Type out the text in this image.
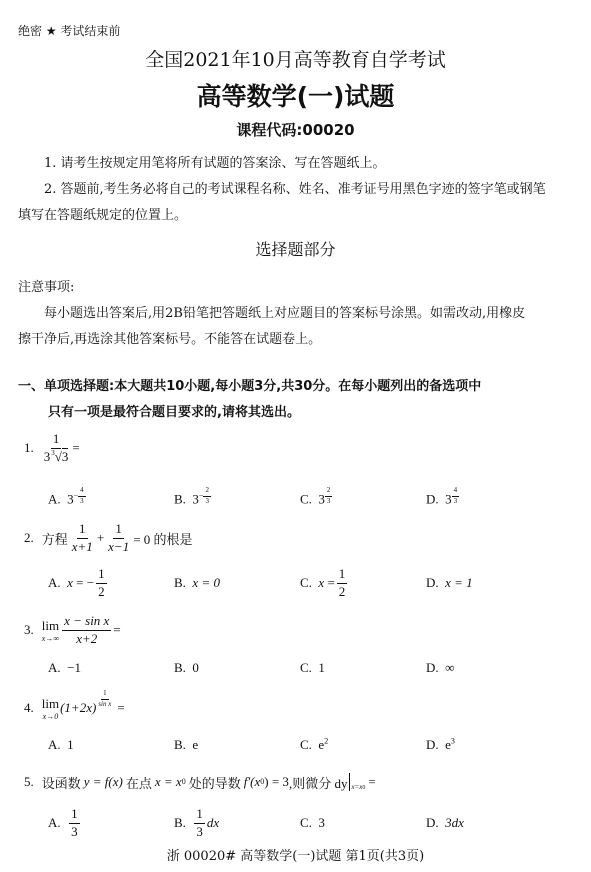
绝密 ★ 考试结束前
全国2021年10月高等教育自学考试
高等数学(一)试题
课程代码:00020
1. 请考生按规定用笔将所有试题的答案涂、写在答题纸上。
2. 答题前,考生务必将自己的考试课程名称、姓名、准考证号用黑色字迹的签字笔或钢笔
填写在答题纸规定的位置上。
选择题部分
注意事项:
每小题选出答案后,用2B铅笔把答题纸上对应题目的答案标号涂黑。如需改动,用橡皮
擦干净后,再选涂其他答案标号。不能答在试题卷上。
一、单项选择题:本大题共10小题,每小题3分,共30分。在每小题列出的备选项中
只有一项是最符合题目要求的,请将其选出。
1. $\frac{1}{3^3√3}$ =
A. $3^{- \frac{4}{3}}$	B. $3^{- \frac{2}{3}}$	C. 3 $^{\frac{2}{3}}$	D. 3 $^{\frac{4}{3}}$
2. 方程 $\frac{1}{x+1} + \frac{1}{x-1} = 0$ 的根是
A.
x
= − $\frac{1}{2}$	B. x = 0	C.
x
= $\frac{1}{2}$	D. x = 1
3. lim
$x\to\infty \frac{\text{x − sin x}}{x+2}$ =
A. −1	B. 0	C. 1	D. ∞
4. lim
x→0
(1+2x) $^{\frac{1}{\text{sin x}}}$ =
A. 1	B. e	C. $e^2$	D. $e^3$
5. 设函数 y = f(x) 在点 x = x 0 处的导数 f′(x 0 ) = 3 ,则微分 dy x=x 0 =
A.
$\frac{1}{3}$	B.
$\frac{1}{3}$ dx	C. 3	D. 3dx
浙 00020# 高等数学(一)试题 第1页(共3页)
